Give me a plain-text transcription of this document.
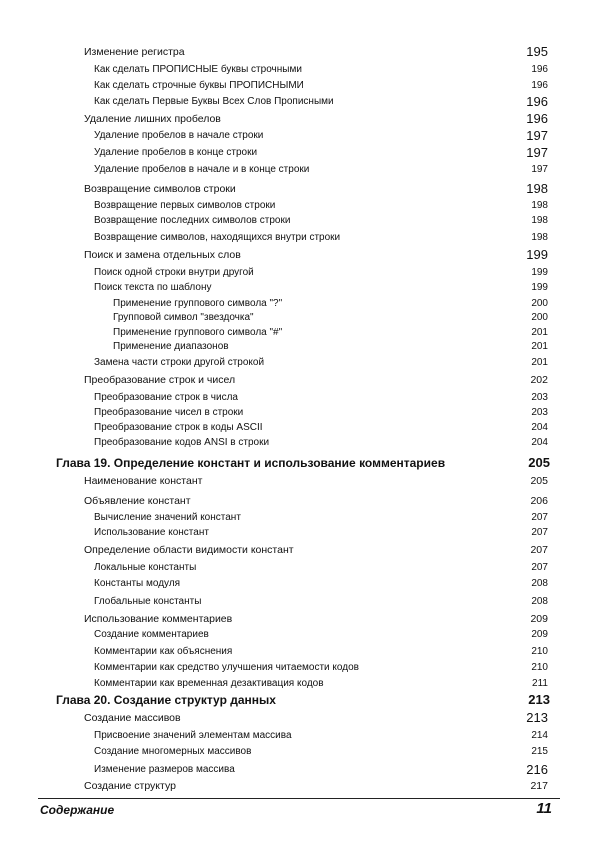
Изменение регистра	195
Как сделать ПРОПИСНЫЕ буквы строчными	196
Как сделать строчные буквы ПРОПИСНЫМИ	196
Как сделать Первые Буквы Всех Слов Прописными	196
Удаление лишних пробелов	196
Удаление пробелов в начале строки	197
Удаление пробелов в конце строки	197
Удаление пробелов в начале и в конце строки	197
Возвращение символов строки	198
Возвращение первых символов строки	198
Возвращение последних символов строки	198
Возвращение символов, находящихся внутри строки	198
Поиск и замена отдельных слов	199
Поиск одной строки внутри другой	199
Поиск текста по шаблону	199
Применение группового символа "?"	200
Групповой символ "звездочка"	200
Применение группового символа "#"	201
Применение диапазонов	201
Замена части строки другой строкой	201
Преобразование строк и чисел	202
Преобразование строк в числа	203
Преобразование чисел в строки	203
Преобразование строк в коды ASCII	204
Преобразование кодов ANSI в строки	204
Глава 19. Определение констант и использование комментариев	205
Наименование констант	205
Объявление констант	206
Вычисление значений констант	207
Использование констант	207
Определение области видимости констант	207
Локальные константы	207
Константы модуля	208
Глобальные константы	208
Использование комментариев	209
Создание комментариев	209
Комментарии как объяснения	210
Комментарии как средство улучшения читаемости кодов	210
Комментарии как временная дезактивация кодов	211
Глава 20. Создание структур данных	213
Создание массивов	213
Присвоение значений элементам массива	214
Создание многомерных массивов	215
Изменение размеров массива	216
Создание структур	217
Содержание	11
